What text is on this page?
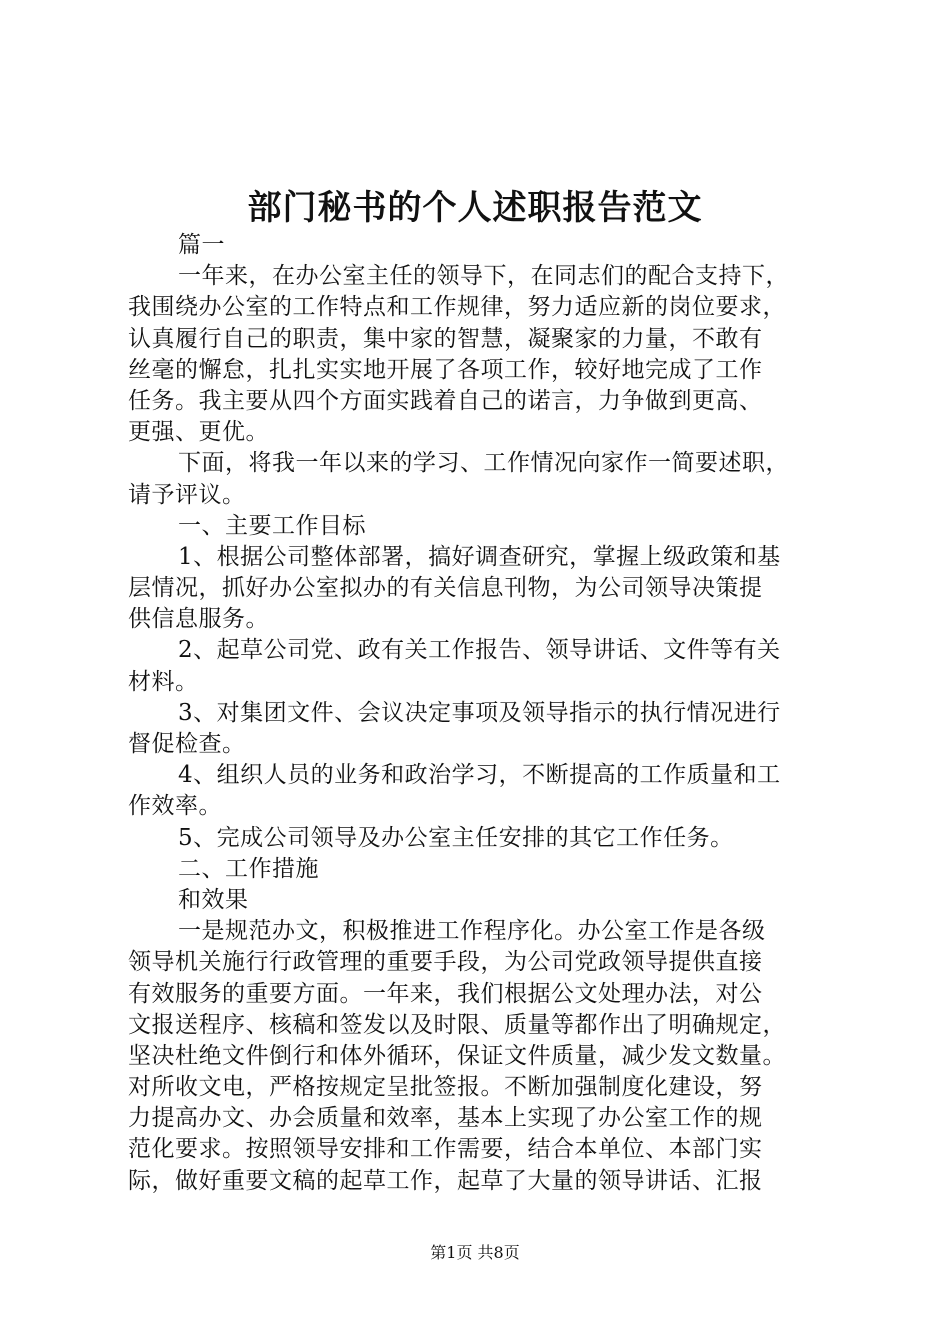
部门秘书的个人述职报告范文
篇一
一年来，在办公室主任的领导下，在同志们的配合支持下，
我围绕办公室的工作特点和工作规律，努力适应新的岗位要求，
认真履行自己的职责，集中家的智慧，凝聚家的力量，不敢有
丝毫的懈怠，扎扎实实地开展了各项工作，较好地完成了工作
任务。我主要从四个方面实践着自己的诺言，力争做到更高、
更强、更优。
下面，将我一年以来的学习、工作情况向家作一简要述职，
请予评议。
一、主要工作目标
1、根据公司整体部署，搞好调查研究，掌握上级政策和基
层情况，抓好办公室拟办的有关信息刊物，为公司领导决策提
供信息服务。
2、起草公司党、政有关工作报告、领导讲话、文件等有关
材料。
3、对集团文件、会议决定事项及领导指示的执行情况进行
督促检查。
4、组织人员的业务和政治学习，不断提高的工作质量和工
作效率。
5、完成公司领导及办公室主任安排的其它工作任务。
二、工作措施
和效果
一是规范办文，积极推进工作程序化。办公室工作是各级
领导机关施行行政管理的重要手段，为公司党政领导提供直接
有效服务的重要方面。一年来，我们根据公文处理办法，对公
文报送程序、核稿和签发以及时限、质量等都作出了明确规定，
坚决杜绝文件倒行和体外循环，保证文件质量，减少发文数量。
对所收文电，严格按规定呈批签报。不断加强制度化建设，努
力提高办文、办会质量和效率，基本上实现了办公室工作的规
范化要求。按照领导安排和工作需要，结合本单位、本部门实
际，做好重要文稿的起草工作，起草了大量的领导讲话、汇报
第1页 共8页
